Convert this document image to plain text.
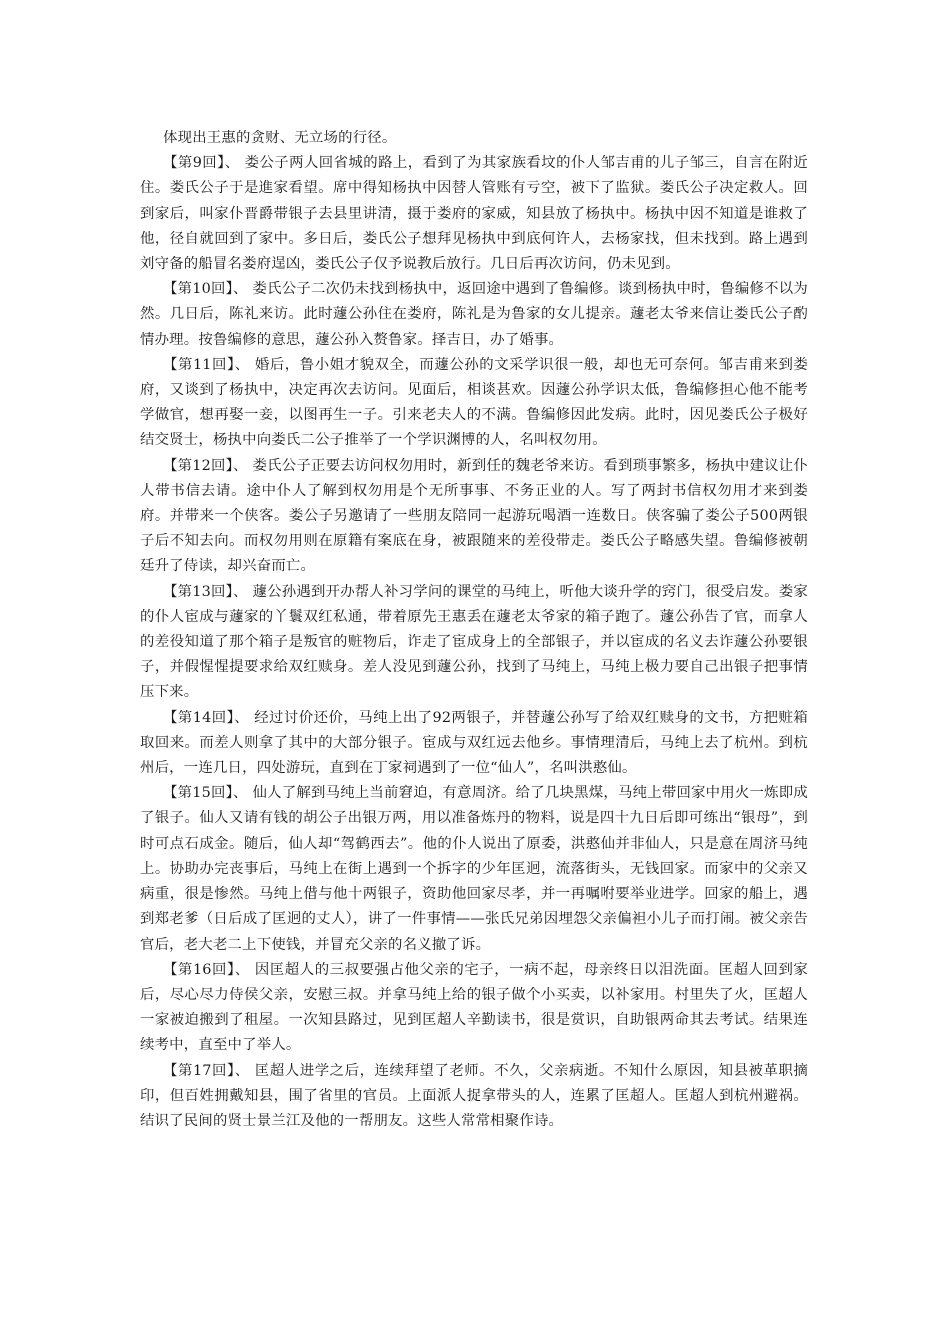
体现出王惠的贪财、无立场的行径。

【第9回】、 娄公子两人回省城的路上，看到了为其家族看坟的仆人邹吉甫的儿子邹三，自言在附近住。娄氏公子于是進家看望。席中得知杨执中因替人管账有亏空，被下了监狱。娄氏公子决定救人。回到家后，叫家仆晋爵带银子去县里讲清，摄于娄府的家威，知县放了杨执中。杨执中因不知道是谁救了他，径自就回到了家中。多日后，娄氏公子想拜见杨执中到底何许人，去杨家找，但未找到。路上遇到刘守备的船冒名娄府逞凶，娄氏公子仅予说教后放行。几日后再次访问，仍未见到。

【第10回】、 娄氏公子二次仍未找到杨执中，返回途中遇到了鲁编修。谈到杨执中时，鲁编修不以为然。几日后，陈礼来访。此时蘧公孙住在娄府，陈礼是为鲁家的女儿提亲。蘧老太爷来信让娄氏公子酌情办理。按鲁编修的意思，蘧公孙入赘鲁家。择吉日，办了婚事。

【第11回】、 婚后，鲁小姐才貌双全，而蘧公孙的文采学识很一般，却也无可奈何。邹吉甫来到娄府，又谈到了杨执中，决定再次去访问。见面后，相谈甚欢。因蘧公孙学识太低，鲁编修担心他不能考学做官，想再娶一妾，以图再生一子。引来老夫人的不满。鲁编修因此发病。此时，因见娄氏公子极好结交贤士，杨执中向娄氏二公子推举了一个学识渊博的人，名叫权勿用。

【第12回】、 娄氏公子正要去访问权勿用时，新到任的魏老爷来访。看到琐事繁多，杨执中建议让仆人带书信去请。途中仆人了解到权勿用是个无所事事、不务正业的人。写了两封书信权勿用才来到娄府。并带来一个侠客。娄公子另邀请了一些朋友陪同一起游玩喝酒一连数日。侠客骗了娄公子500两银子后不知去向。而权勿用则在原籍有案底在身，被跟随来的差役带走。娄氏公子略感失望。鲁编修被朝廷升了侍读，却兴奋而亡。

【第13回】、 蘧公孙遇到开办帮人补习学问的课堂的马纯上，听他大谈升学的窍门，很受启发。娄家的仆人宦成与蘧家的丫鬟双红私通，带着原先王惠丢在蘧老太爷家的箱子跑了。蘧公孙告了官，而拿人的差役知道了那个箱子是叛官的赃物后，诈走了宦成身上的全部银子，并以宦成的名义去诈蘧公孙要银子，并假惺惺提要求给双红赎身。差人没见到蘧公孙，找到了马纯上，马纯上极力要自己出银子把事情压下来。

【第14回】、 经过讨价还价，马纯上出了92两银子，并替蘧公孙写了给双红赎身的文书，方把赃箱取回来。而差人则拿了其中的大部分银子。宦成与双红远去他乡。事情理清后，马纯上去了杭州。到杭州后，一连几日，四处游玩，直到在丁家祠遇到了一位“仙人”，名叫洪憨仙。

【第15回】、 仙人了解到马纯上当前窘迫，有意周济。给了几块黑煤，马纯上带回家中用火一炼即成了银子。仙人又请有钱的胡公子出银万两，用以准备炼丹的物料，说是四十九日后即可练出“银母”，到时可点石成金。随后，仙人却“驾鹤西去”。他的仆人说出了原委，洪憨仙并非仙人，只是意在周济马纯上。协助办完丧事后，马纯上在街上遇到一个拆字的少年匡迥，流落街头，无钱回家。而家中的父亲又病重，很是惨然。马纯上借与他十两银子，资助他回家尽孝，并一再嘱咐要举业进学。回家的船上，遇到郑老爹（日后成了匡迥的丈人），讲了一件事情——张氏兄弟因埋怨父亲偏袒小儿子而打闹。被父亲告官后，老大老二上下使钱，并冒充父亲的名义撤了诉。

【第16回】、 因匡超人的三叔要强占他父亲的宅子，一病不起，母亲终日以泪洗面。匡超人回到家后，尽心尽力侍侯父亲，安慰三叔。并拿马纯上给的银子做个小买卖，以补家用。村里失了火，匡超人一家被迫搬到了租屋。一次知县路过，见到匡超人辛勤读书，很是赏识，自助银两命其去考试。结果连续考中，直至中了举人。

【第17回】、 匡超人进学之后，连续拜望了老师。不久，父亲病逝。不知什么原因，知县被革职摘印，但百姓拥戴知县，围了省里的官员。上面派人捉拿带头的人，连累了匡超人。匡超人到杭州避祸。结识了民间的贤士景兰江及他的一帮朋友。这些人常常相聚作诗。
